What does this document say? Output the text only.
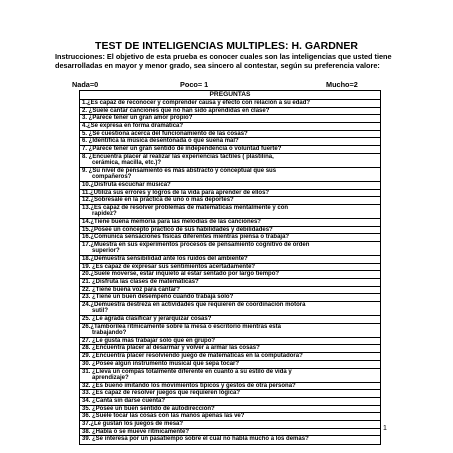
TEST DE INTELIGENCIAS MULTIPLES: H. GARDNER
Instrucciones: El objetivo de esta prueba es conocer cuales son las inteligencias que usted tiene desarrolladas en mayor y menor grado, sea sincero al contestar, según su preferencia valore:
Nada=0	Poco= 1	Mucho=2
PREGUNTAS
1.¿Es capaz de reconocer y comprender causa y efecto con relación a su edad?
2. ¿Suele cantar canciones que no han sido aprendidas en clase?
3. ¿Parece tener un gran amor propio?
4.¿Se expresa en forma dramática?
5. ¿Se cuestiona acerca del funcionamiento de las cosas?
6. ¿Identifica la música desentonada o que suena mal?
7. ¿Parece tener un gran sentido de independencia o voluntad fuerte?
8. ¿Encuentra placer al realizar las experiencias táctiles ( plastilina,
cerámica, macilla, etc.)?
9. ¿Su nivel de pensamiento es más abstracto y conceptual que sus
compañeros?
10.¿Disfruta escuchar música?
11.¿Utiliza sus errores y logros de la vida para aprender de ellos?
12.¿Sobresale en la práctica de uno o mas deportes?
13.¿Es capaz de resolver problemas de matemáticas mentalmente y con
rapidez?
14.¿Tiene buena memoria para las melodías de las canciones?
15.¿Posee un concepto practico de sus habilidades y debilidades?
16.¿Comunica sensaciones físicas diferentes mientras piensa o trabaja?
17.¿Muestra en sus experimentos procesos de pensamiento cognitivo de orden
superior?
18.¿Demuestra sensibilidad ante los ruidos del ambiente?
19. ¿Es capaz de expresar sus sentimientos acertadamente?
20.¿Suele moverse, estar inquieto al estar sentado por largo tiempo?
21. ¿Disfruta las clases de matemáticas?
22. ¿Tiene buena voz para cantar?
23. ¿Tiene un buen desempeño cuando trabaja solo?
24.¿Demuestra destreza en actividades que requieren de coordinación motora
sutil?
25. ¿Le agrada clasificar y jerarquizar cosas?
26.¿Tamborilea rítmicamente sobre la mesa o escritorio mientras esta
trabajando?
27. ¿Le gusta mas trabajar solo que en grupo?
28. ¿Encuentra placer al desarmar y volver a armar las cosas?
29. ¿Encuentra placer resolviendo juego de matemáticas en la computadora?
30. ¿Posee algún instrumento musical que sepa tocar?
31. ¿Lleva un compás totalmente diferente en cuanto a su estilo de vida y
aprendizaje?
32. ¿Es bueno imitando los movimientos típicos y gestos de otra persona?
33. ¿Es capaz de resolver juegos que requieren lógica?
34. ¿Canta sin darse cuenta?
35. ¿Posee un buen sentido de autodirección?
36. ¿Suele tocar las cosas con las manos apenas las ve?
37.¿Le gustan los juegos de mesa?
38. ¿Habla o se mueve rítmicamente?
39. ¿Se interesa por un pasatiempo sobre el cual no habla mucho a los demás?
1
